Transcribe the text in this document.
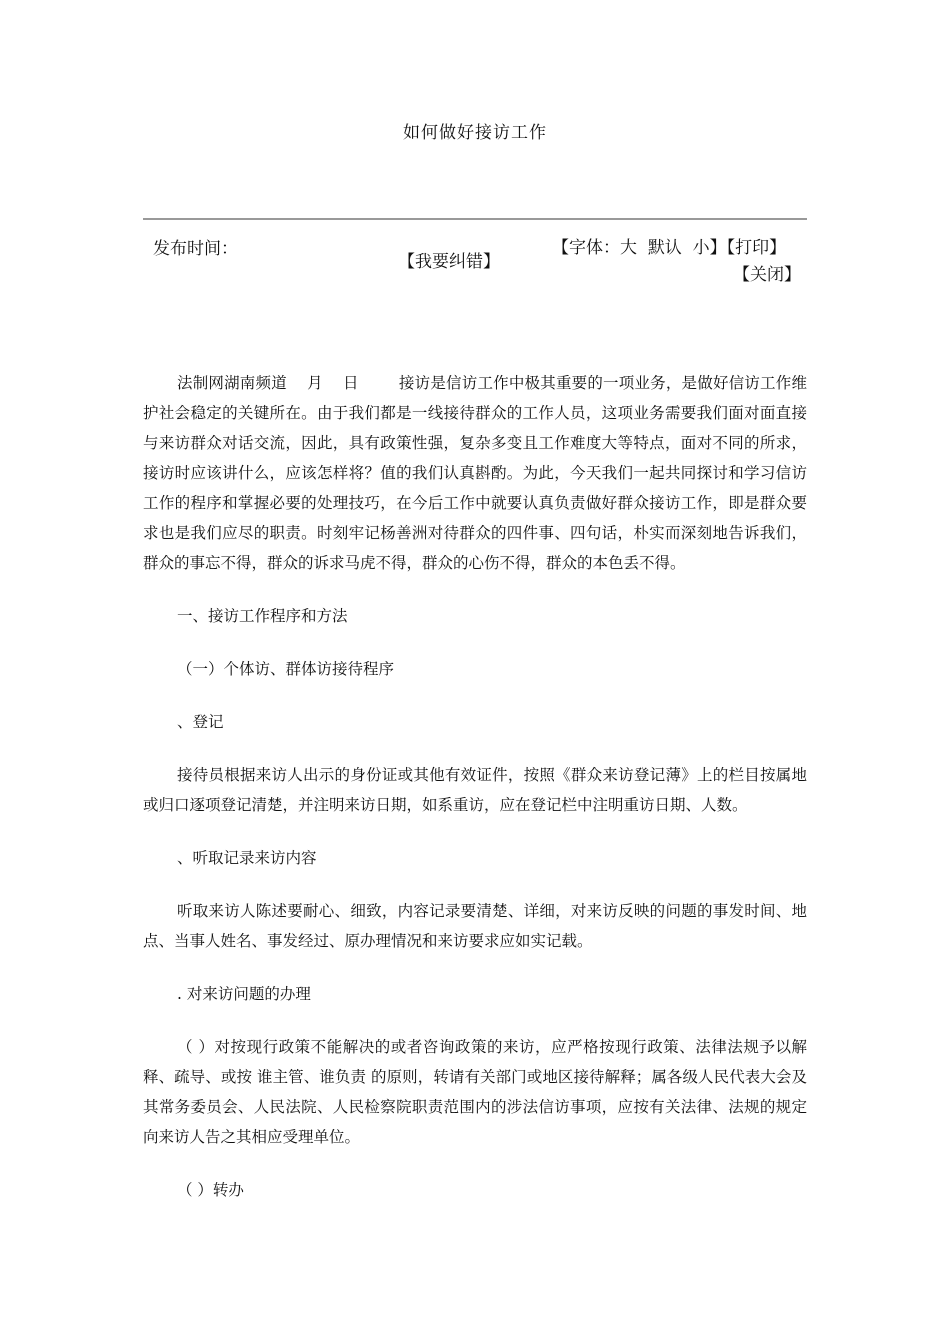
如何做好接访工作
发布时间：
【我要纠错】
【字体：大 默认 小】【打印】
【关闭】

法制网湖南频道 月 日	接访是信访工作中极其重要的一项业务，是做好信访工作维护社会稳定的关键所在。由于我们都是一线接待群众的工作人员，这项业务需要我们面对面直接与来访群众对话交流，因此，具有政策性强，复杂多变且工作难度大等特点，面对不同的所求，接访时应该讲什么，应该怎样将？值的我们认真斟酌。为此，今天我们一起共同探讨和学习信访工作的程序和掌握必要的处理技巧，在今后工作中就要认真负责做好群众接访工作，即是群众要求也是我们应尽的职责。时刻牢记杨善洲对待群众的四件事、四句话，朴实而深刻地告诉我们，群众的事忘不得，群众的诉求马虎不得，群众的心伤不得，群众的本色丢不得。

一、接访工作程序和方法

（一）个体访、群体访接待程序

、登记

接待员根据来访人出示的身份证或其他有效证件，按照《群众来访登记薄》上的栏目按属地或归口逐项登记清楚，并注明来访日期，如系重访，应在登记栏中注明重访日期、人数。

、听取记录来访内容

听取来访人陈述要耐心、细致，内容记录要清楚、详细，对来访反映的问题的事发时间、地点、当事人姓名、事发经过、原办理情况和来访要求应如实记载。

. 对来访问题的办理

（ ）对按现行政策不能解决的或者咨询政策的来访，应严格按现行政策、法律法规予以解释、疏导、或按 谁主管、谁负责 的原则，转请有关部门或地区接待解释；属各级人民代表大会及其常务委员会、人民法院、人民检察院职责范围内的涉法信访事项，应按有关法律、法规的规定向来访人告之其相应受理单位。

（ ）转办
